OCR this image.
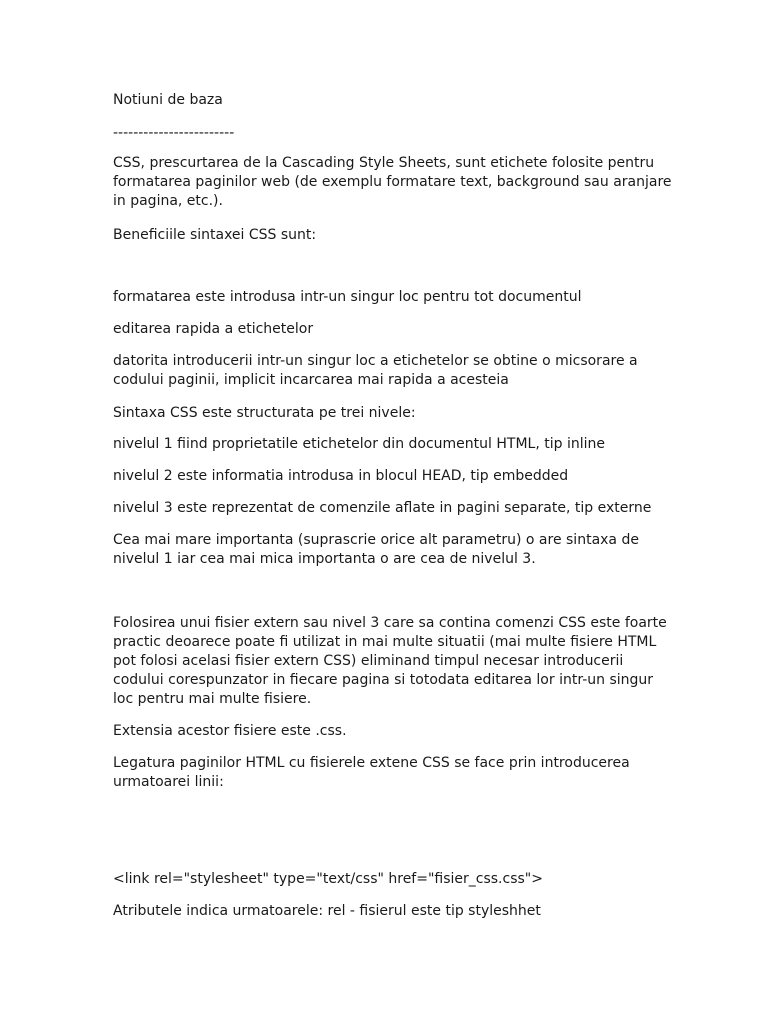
Notiuni de baza

------------------------

CSS, prescurtarea de la Cascading Style Sheets, sunt etichete folosite pentru formatarea paginilor web (de exemplu formatare text, background sau aranjare in pagina, etc.).

Beneficiile sintaxei CSS sunt:

formatarea este introdusa intr-un singur loc pentru tot documentul

editarea rapida a etichetelor

datorita introducerii intr-un singur loc a etichetelor se obtine o micsorare a codului paginii, implicit incarcarea mai rapida a acesteia

Sintaxa CSS este structurata pe trei nivele:

nivelul 1 fiind proprietatile etichetelor din documentul HTML, tip inline

nivelul 2 este informatia introdusa in blocul HEAD, tip embedded

nivelul 3 este reprezentat de comenzile aflate in pagini separate, tip externe

Cea mai mare importanta (suprascrie orice alt parametru) o are sintaxa de nivelul 1 iar cea mai mica importanta o are cea de nivelul 3.

Folosirea unui fisier extern sau nivel 3 care sa contina comenzi CSS este foarte practic deoarece poate fi utilizat in mai multe situatii (mai multe fisiere HTML pot folosi acelasi fisier extern CSS) eliminand timpul necesar introducerii codului corespunzator in fiecare pagina si totodata editarea lor intr-un singur loc pentru mai multe fisiere.

Extensia acestor fisiere este .css.

Legatura paginilor HTML cu fisierele extene CSS se face prin introducerea urmatoarei linii:

<link rel="stylesheet" type="text/css" href="fisier_css.css">

Atributele indica urmatoarele: rel - fisierul este tip styleshhet
